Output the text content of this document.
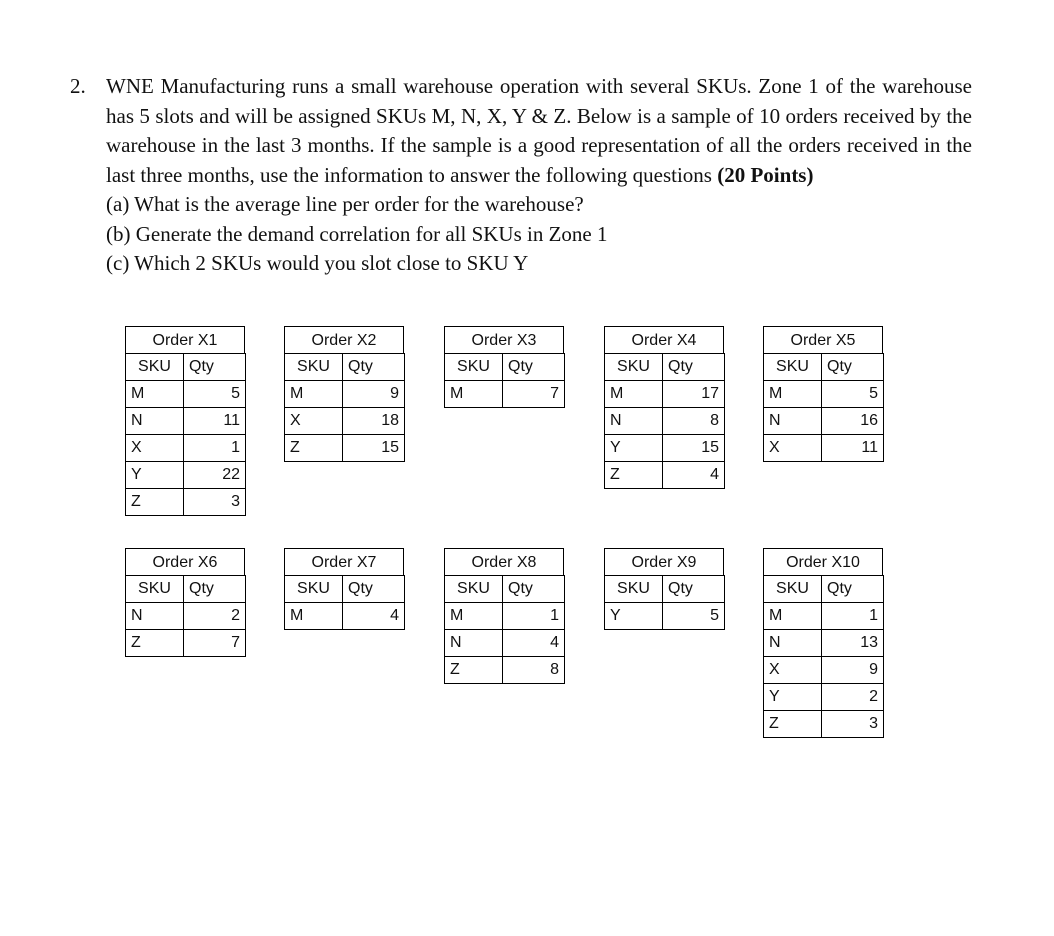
2. WNE Manufacturing runs a small warehouse operation with several SKUs. Zone 1 of the warehouse has 5 slots and will be assigned SKUs M, N, X, Y & Z. Below is a sample of 10 orders received by the warehouse in the last 3 months. If the sample is a good representation of all the orders received in the last three months, use the information to answer the following questions (20 Points)
(a) What is the average line per order for the warehouse?
(b) Generate the demand correlation for all SKUs in Zone 1
(c) Which 2 SKUs would you slot close to SKU Y
Order X1
SKU	Qty
M	5
N	11
X	1
Y	22
Z	3
Order X2
SKU	Qty
M	9
X	18
Z	15
Order X3
SKU	Qty
M	7
Order X4
SKU	Qty
M	17
N	8
Y	15
Z	4
Order X5
SKU	Qty
M	5
N	16
X	11
Order X6
SKU	Qty
N	2
Z	7
Order X7
SKU	Qty
M	4
Order X8
SKU	Qty
M	1
N	4
Z	8
Order X9
SKU	Qty
Y	5
Order X10
SKU	Qty
M	1
N	13
X	9
Y	2
Z	3
